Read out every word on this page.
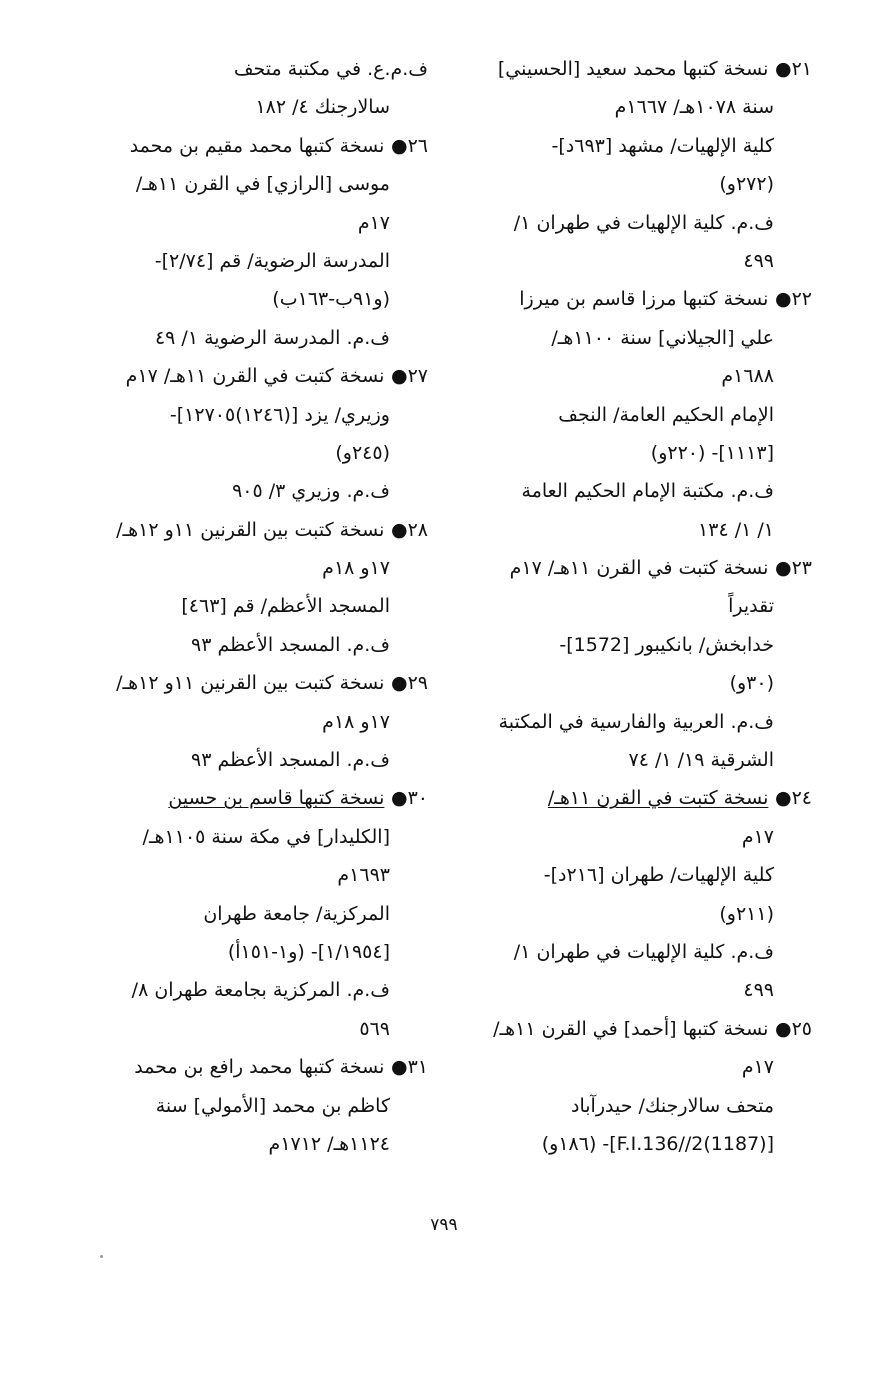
٢١● نسخة كتبها محمد سعيد [الحسيني]
سنة ١٠٧٨هـ/ ١٦٦٧م
كلية الإلهيات/ مشهد [٦٩٣د]-
(٢٧٢و)
ف.م. كلية الإلهيات في طهران ١/
٤٩٩
٢٢● نسخة كتبها مرزا قاسم بن ميرزا
علي [الجيلاني] سنة ١١٠٠هـ/
١٦٨٨م
الإمام الحكيم العامة/ النجف
[١١١٣]- (٢٢٠و)
ف.م. مكتبة الإمام الحكيم العامة
١/ ١/ ١٣٤
٢٣● نسخة كتبت في القرن ١١هـ/ ١٧م
تقديراً
خدابخش/ بانكيبور [1572]-
(٣٠و)
ف.م. العربية والفارسية في المكتبة
الشرقية ١٩/ ١/ ٧٤
٢٤● نسخة كتبت في القرن ١١هـ/
١٧م
كلية الإلهيات/ طهران [٢١٦د]-
(٢١١و)
ف.م. كلية الإلهيات في طهران ١/
٤٩٩
٢٥● نسخة كتبها [أحمد] في القرن ١١هـ/
١٧م
متحف سالارجنك/ حيدرآباد
[F.I.136//2(1187)]- (١٨٦و)
ف.م.ع. في مكتبة متحف
سالارجنك ٤/ ١٨٢
٢٦● نسخة كتبها محمد مقيم بن محمد
موسى [الرازي] في القرن ١١هـ/
١٧م
المدرسة الرضوية/ قم [٢/٧٤]-
(و٩١ب-١٦٣ب)
ف.م. المدرسة الرضوية ١/ ٤٩
٢٧● نسخة كتبت في القرن ١١هـ/ ١٧م
وزيري/ يزد [(١٢٤٦)١٢٧٠٥]-
(٢٤٥و)
ف.م. وزيري ٣/ ٩٠٥
٢٨● نسخة كتبت بين القرنين ١١و ١٢هـ/
١٧و ١٨م
المسجد الأعظم/ قم [٤٦٣]
ف.م. المسجد الأعظم ٩٣
٢٩● نسخة كتبت بين القرنين ١١و ١٢هـ/
١٧و ١٨م
ف.م. المسجد الأعظم ٩٣
٣٠● نسخة كتبها قاسم بن حسين
[الكليدار] في مكة سنة ١١٠٥هـ/
١٦٩٣م
المركزية/ جامعة طهران
[١/١٩٥٤]- (و١-١٥١أ)
ف.م. المركزية بجامعة طهران ٨/
٥٦٩
٣١● نسخة كتبها محمد رافع بن محمد
كاظم بن محمد [الأمولي] سنة
١١٢٤هـ/ ١٧١٢م
٧٩٩
